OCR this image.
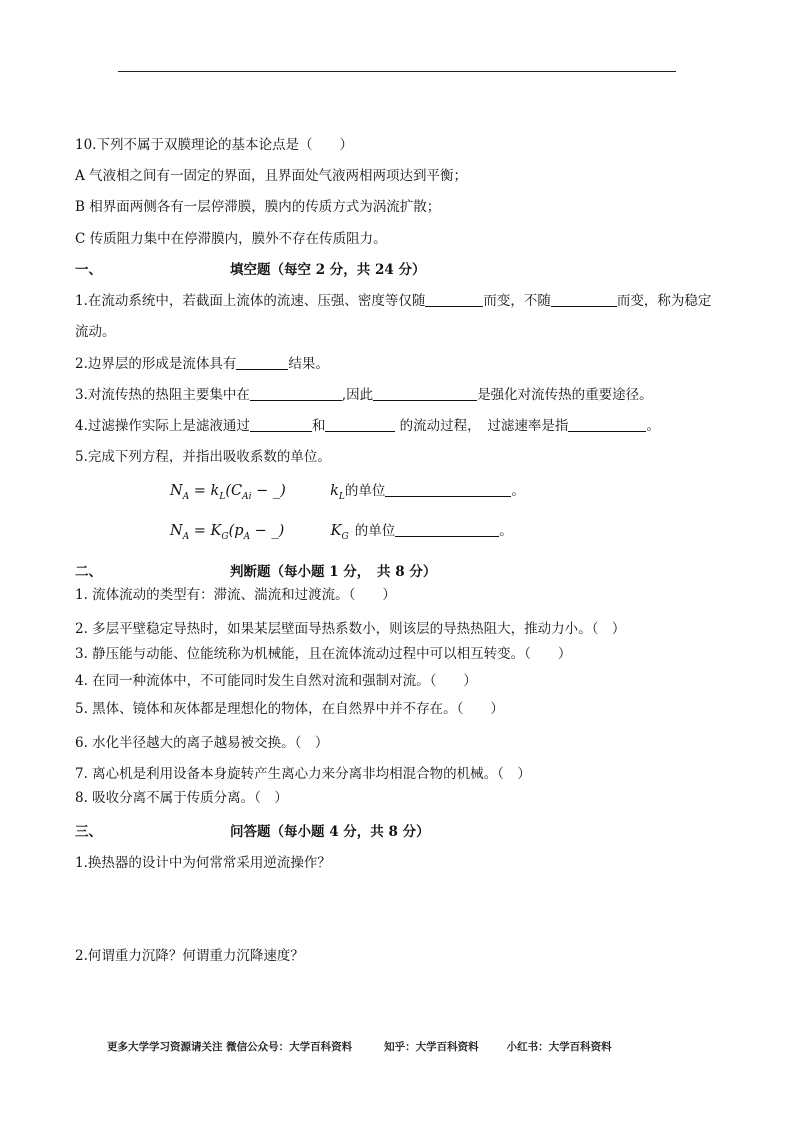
10.下列不属于双膜理论的基本论点是（　　）
A 气液相之间有一固定的界面，且界面处气液两相两项达到平衡；
B 相界面两侧各有一层停滞膜，膜内的传质方式为涡流扩散；
C 传质阻力集中在停滞膜内，膜外不存在传质阻力。
一、	填空题（每空 2 分，共 24 分）
1.在流动系统中，若截面上流体的流速、压强、密度等仅随	而变，不随	而变，称为稳定
流动。
2.边界层的形成是流体具有	结果。
3.对流传热的热阻主要集中在	,因此	是强化对流传热的重要途径。
4.过滤操作实际上是滤液通过	和	的流动过程，　过滤速率是指	。
5.完成下列方程，并指出吸收系数的单位。
$N_A = k_L(C_{Ai}$ − _)	$k_L$的单位	。
$N_A = K_G(p_A$ − _)	$K_G$ 的单位	。
二、	判断题（每小题 1 分，　共 8 分）
1. 流体流动的类型有：滞流、湍流和过渡流。（　　）
2. 多层平壁稳定导热时，如果某层壁面导热系数小，则该层的导热热阻大，推动力小。（　）
3. 静压能与动能、位能统称为机械能，且在流体流动过程中可以相互转变。（　　）
4. 在同一种流体中，不可能同时发生自然对流和强制对流。（　　）
5. 黑体、镜体和灰体都是理想化的物体，在自然界中并不存在。（　　）
6. 水化半径越大的离子越易被交换。（　）
7. 离心机是利用设备本身旋转产生离心力来分离非均相混合物的机械。（　）
8. 吸收分离不属于传质分离。（　）
三、	问答题（每小题 4 分，共 8 分）
1.换热器的设计中为何常常采用逆流操作？
2.何谓重力沉降？何谓重力沉降速度？
更多大学学习资源请关注 微信公众号：大学百科资料	知乎：大学百科资料	小红书：大学百科资料
